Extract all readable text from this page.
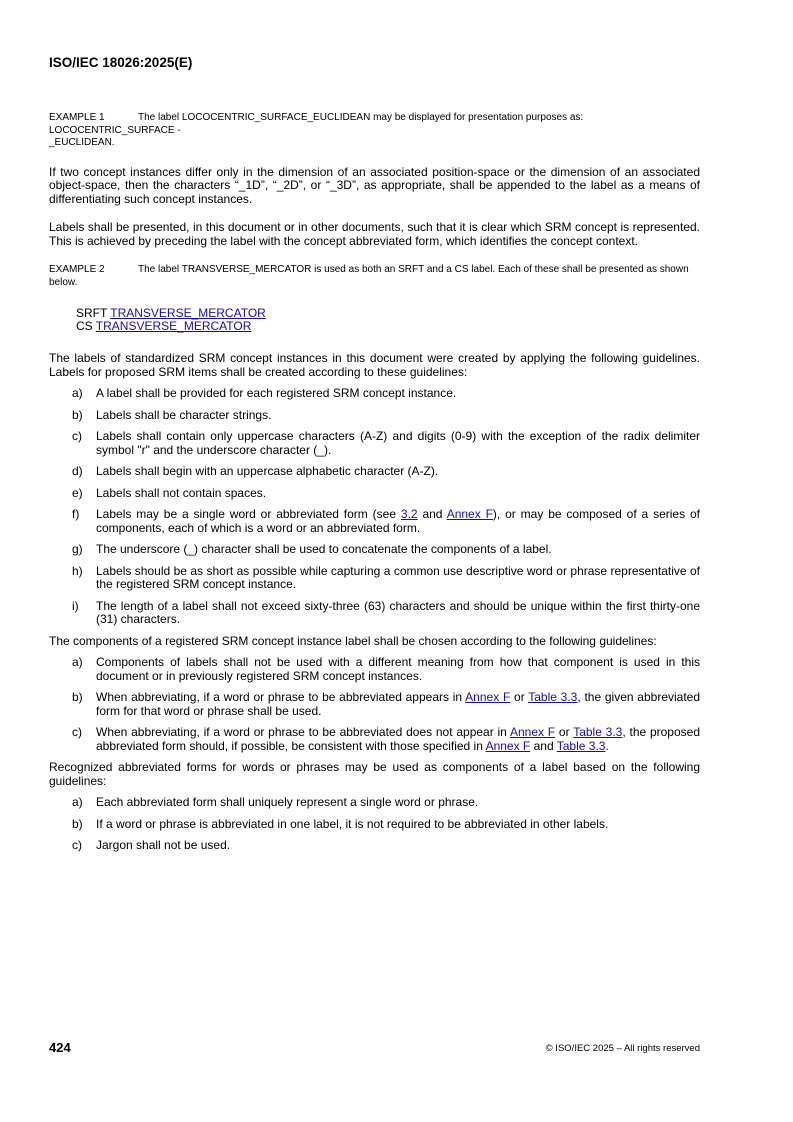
ISO/IEC 18026:2025(E)

EXAMPLE 1	The label LOCOCENTRIC_SURFACE_EUCLIDEAN may be displayed for presentation purposes as:

LOCOCENTRIC_SURFACE -

_EUCLIDEAN.

If two concept instances differ only in the dimension of an associated position-space or the dimension of an associated object-space, then the characters “_1D”, “_2D”, or “_3D”, as appropriate, shall be appended to the label as a means of differentiating such concept instances.

Labels shall be presented, in this document or in other documents, such that it is clear which SRM concept is represented. This is achieved by preceding the label with the concept abbreviated form, which identifies the concept context.

EXAMPLE 2	The label TRANSVERSE_MERCATOR is used as both an SRFT and a CS label. Each of these shall be presented as shown below.

SRFT TRANSVERSE_MERCATOR

CS TRANSVERSE_MERCATOR

The labels of standardized SRM concept instances in this document were created by applying the following guidelines. Labels for proposed SRM items shall be created according to these guidelines:

a) A label shall be provided for each registered SRM concept instance.
b) Labels shall be character strings.
c) Labels shall contain only uppercase characters (A-Z) and digits (0-9) with the exception of the radix delimiter symbol "r" and the underscore character (_).
d) Labels shall begin with an uppercase alphabetic character (A-Z).
e) Labels shall not contain spaces.
f) Labels may be a single word or abbreviated form (see 3.2 and Annex F), or may be composed of a series of components, each of which is a word or an abbreviated form.
g) The underscore (_) character shall be used to concatenate the components of a label.
h) Labels should be as short as possible while capturing a common use descriptive word or phrase representative of the registered SRM concept instance.
i) The length of a label shall not exceed sixty-three (63) characters and should be unique within the first thirty-one (31) characters.

The components of a registered SRM concept instance label shall be chosen according to the following guidelines:

a) Components of labels shall not be used with a different meaning from how that component is used in this document or in previously registered SRM concept instances.
b) When abbreviating, if a word or phrase to be abbreviated appears in Annex F or Table 3.3, the given abbreviated form for that word or phrase shall be used.
c) When abbreviating, if a word or phrase to be abbreviated does not appear in Annex F or Table 3.3, the proposed abbreviated form should, if possible, be consistent with those specified in Annex F and Table 3.3.

Recognized abbreviated forms for words or phrases may be used as components of a label based on the following guidelines:

a) Each abbreviated form shall uniquely represent a single word or phrase.
b) If a word or phrase is abbreviated in one label, it is not required to be abbreviated in other labels.
c) Jargon shall not be used.
424	© ISO/IEC 2025 – All rights reserved
